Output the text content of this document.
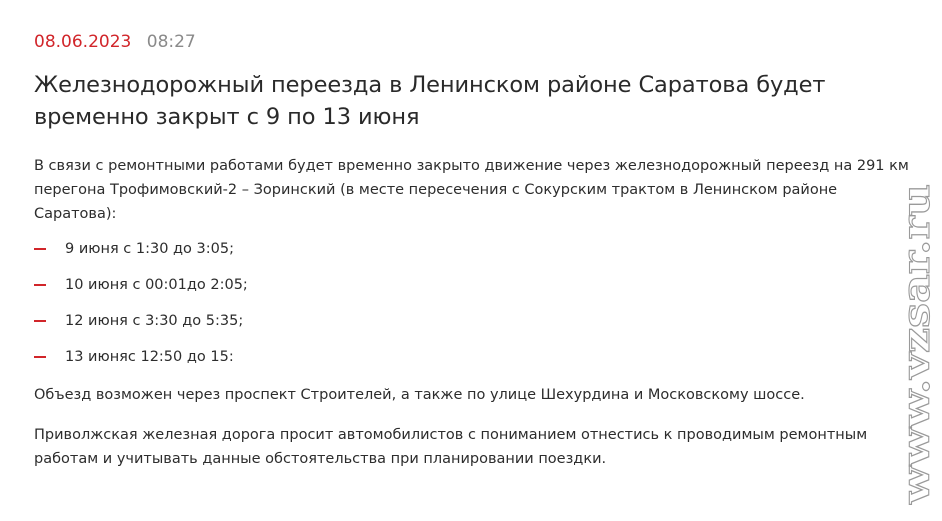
08.06.2023 08:27
Железнодорожный переезда в Ленинском районе Саратова будет временно закрыт с 9 по 13 июня

В связи с ремонтными работами будет временно закрыто движение через железнодорожный переезд на 291 км перегона Трофимовский-2 – Зоринский (в месте пересечения с Сокурским трактом в Ленинском районе Саратова):

9 июня с 1:30 до 3:05;
10 июня с 00:01до 2:05;
12 июня с 3:30 до 5:35;
13 июняс 12:50 до 15:

Объезд возможен через проспект Строителей, а также по улице Шехурдина и Московскому шоссе.

Приволжская железная дорога просит автомобилистов с пониманием отнестись к проводимым ремонтным работам и учитывать данные обстоятельства при планировании поездки.	www.vzsar.ru
